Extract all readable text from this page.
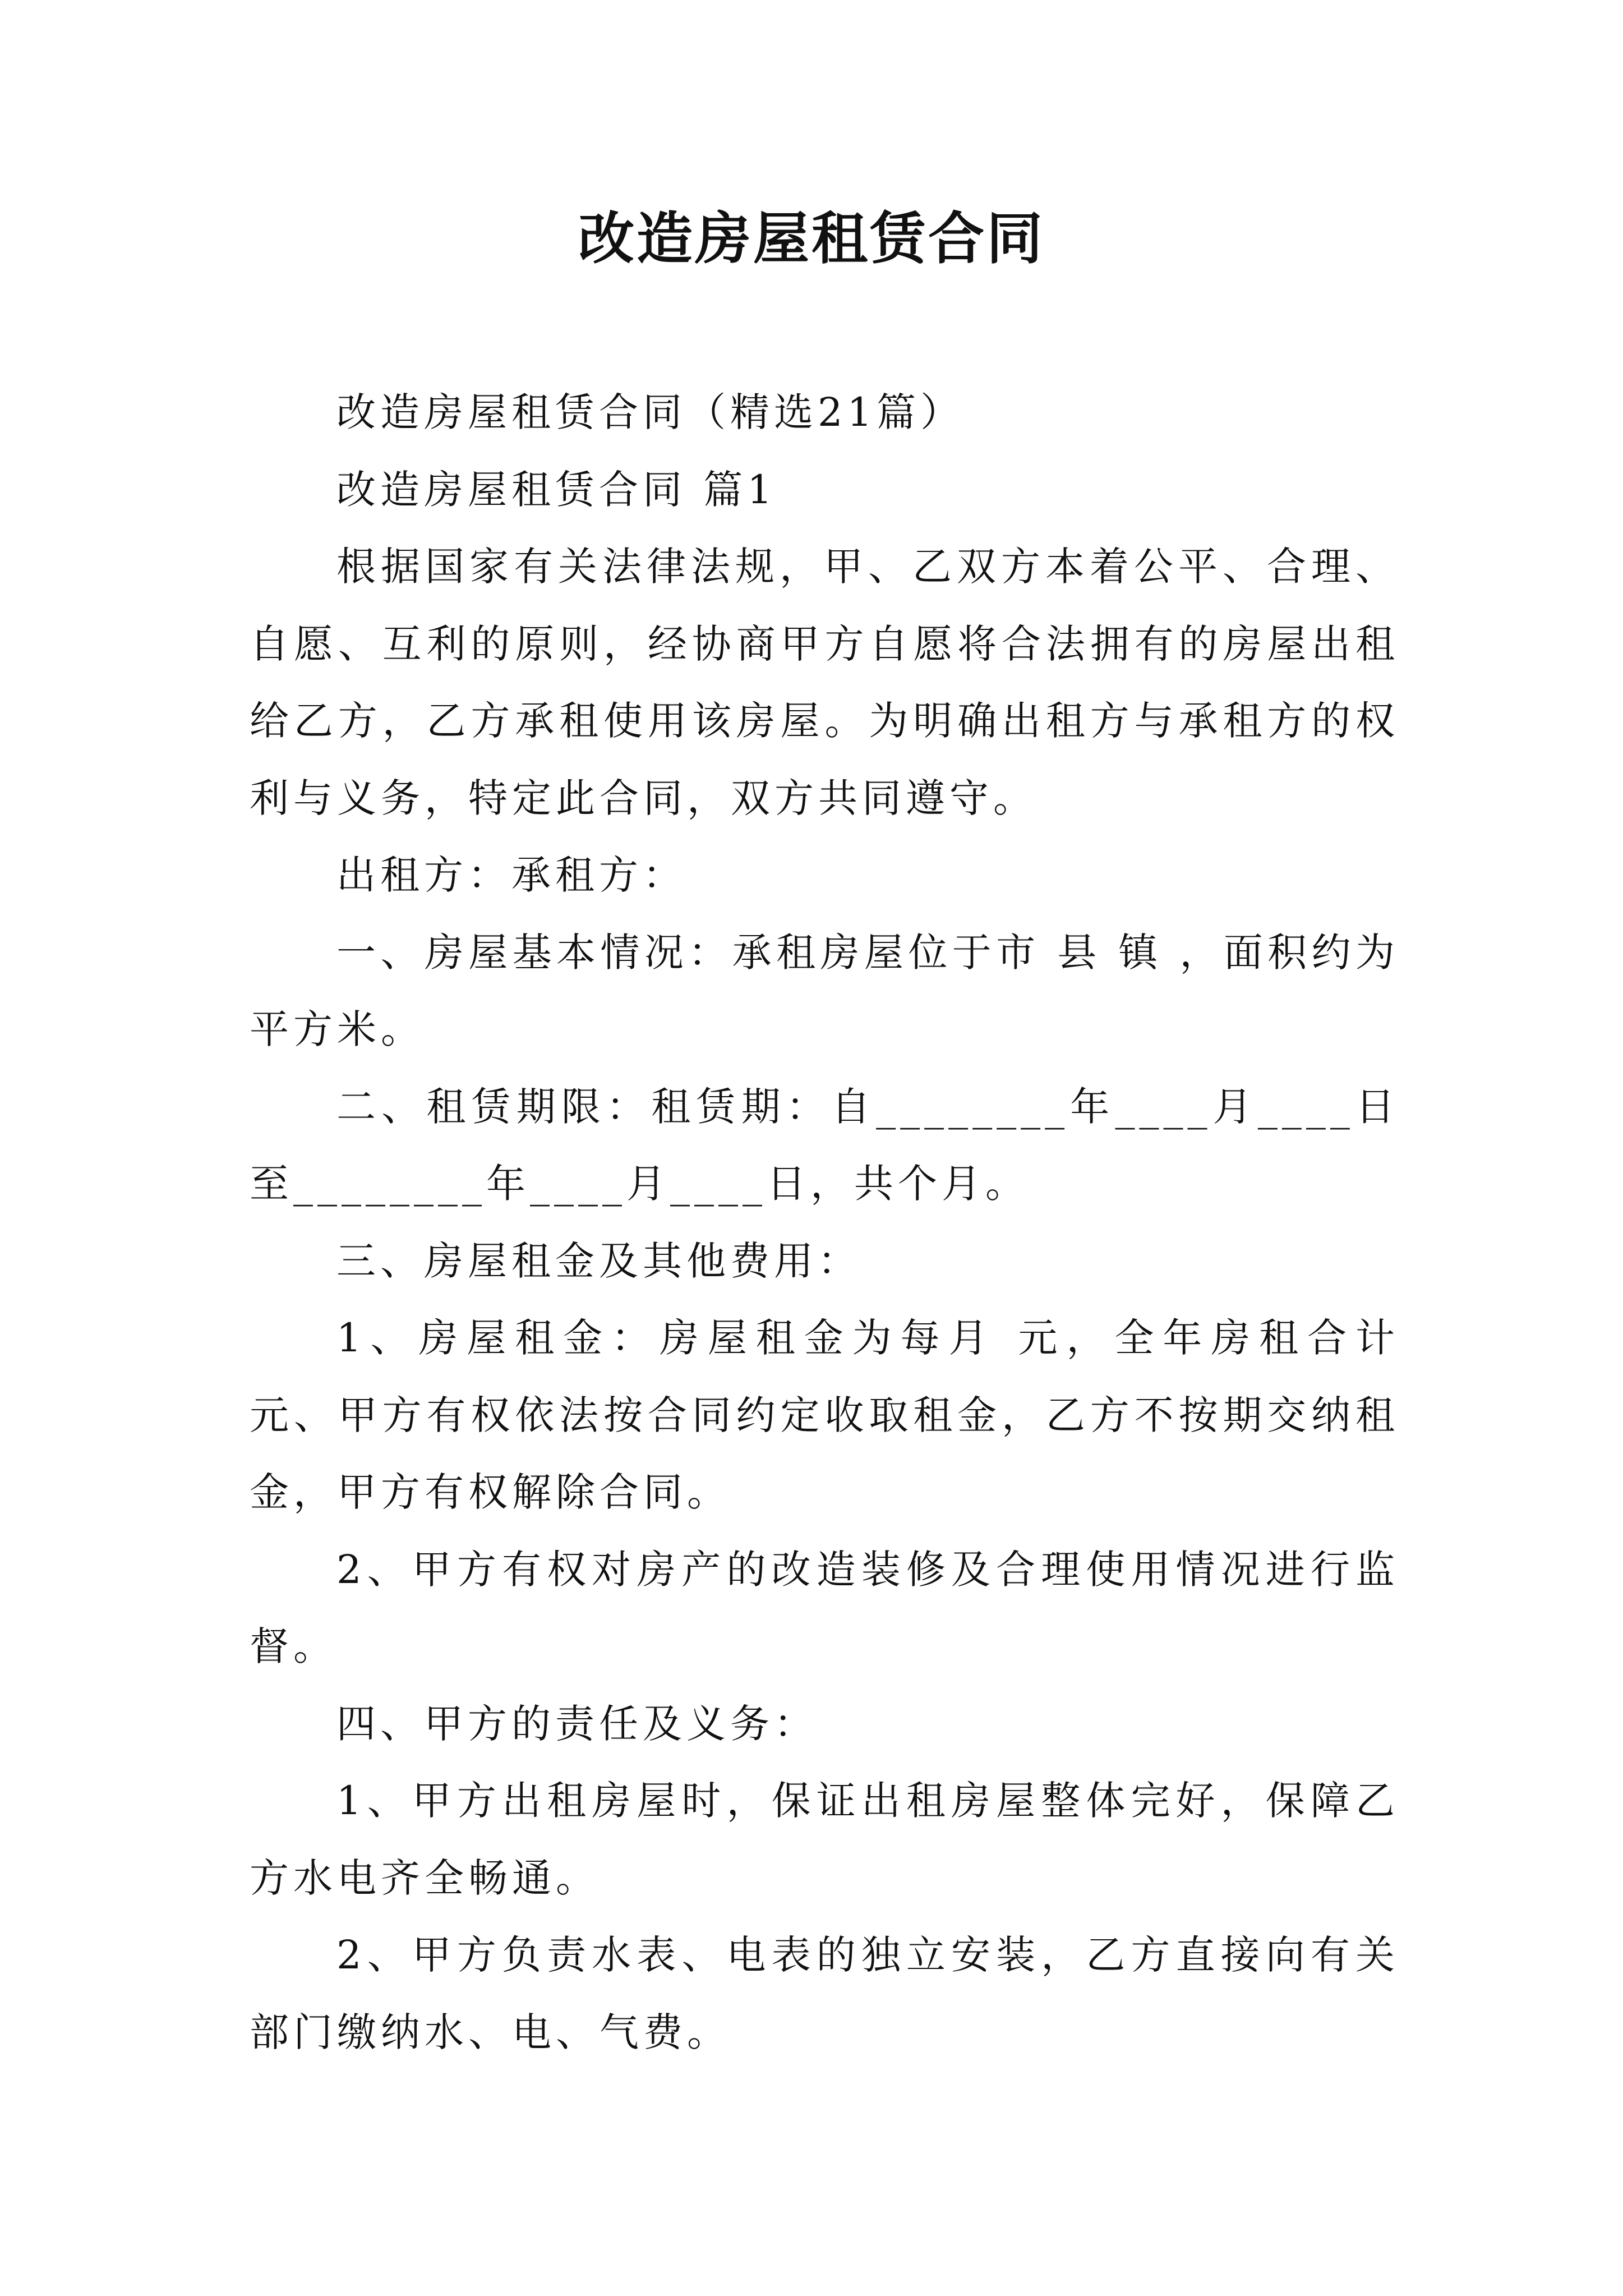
改造房屋租赁合同

改造房屋租赁合同（精选21篇）

改造房屋租赁合同 篇1

根据国家有关法律法规，甲、乙双方本着公平、合理、自愿、互利的原则，经协商甲方自愿将合法拥有的房屋出租给乙方，乙方承租使用该房屋。为明确出租方与承租方的权利与义务，特定此合同，双方共同遵守。

出租方：承租方：

一、房屋基本情况：承租房屋位于市 县 镇 ，面积约为 平方米。

二、租赁期限：租赁期：自________年____月____日至________年____月____日，共个月。

三、房屋租金及其他费用：

1、房屋租金：房屋租金为每月 元，全年房租合计 元、甲方有权依法按合同约定收取租金，乙方不按期交纳租金，甲方有权解除合同。

2、甲方有权对房产的改造装修及合理使用情况进行监督。

四、甲方的责任及义务：

1、甲方出租房屋时，保证出租房屋整体完好，保障乙方水电齐全畅通。

2、甲方负责水表、电表的独立安装，乙方直接向有关部门缴纳水、电、气费。
